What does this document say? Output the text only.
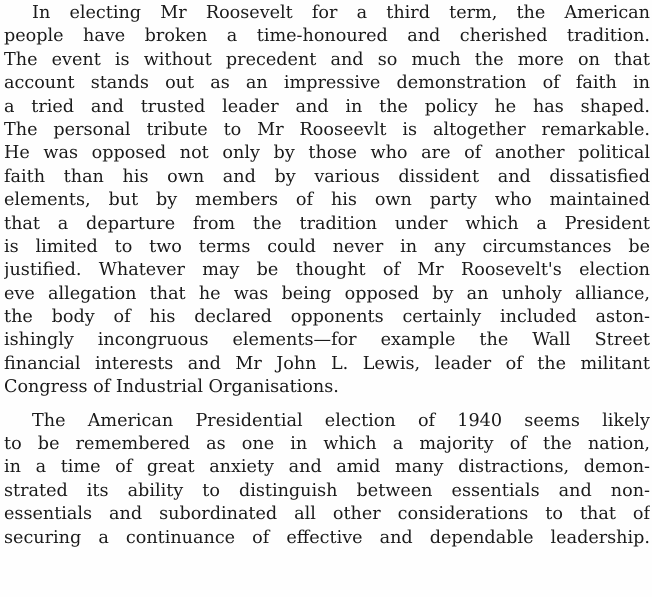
In electing Mr Roosevelt for a third term, the American
people have broken a time-honoured and cherished tradition.
The event is without precedent and so much the more on that
account stands out as an impressive demonstration of faith in
a tried and trusted leader and in the policy he has shaped.
The personal tribute to Mr Rooseevlt is altogether remarkable.
He was opposed not only by those who are of another political
faith than his own and by various dissident and dissatisfied
elements, but by members of his own party who maintained
that a departure from the tradition under which a President
is limited to two terms could never in any circumstances be
justified. Whatever may be thought of Mr Roosevelt's election
eve allegation that he was being opposed by an unholy alliance,
the body of his declared opponents certainly included aston-
ishingly incongruous elements—for example the Wall Street
financial interests and Mr John L. Lewis, leader of the militant
Congress of Industrial Organisations.
The American Presidential election of 1940 seems likely
to be remembered as one in which a majority of the nation,
in a time of great anxiety and amid many distractions, demon-
strated its ability to distinguish between essentials and non-
essentials and subordinated all other considerations to that of
securing a continuance of effective and dependable leadership.
